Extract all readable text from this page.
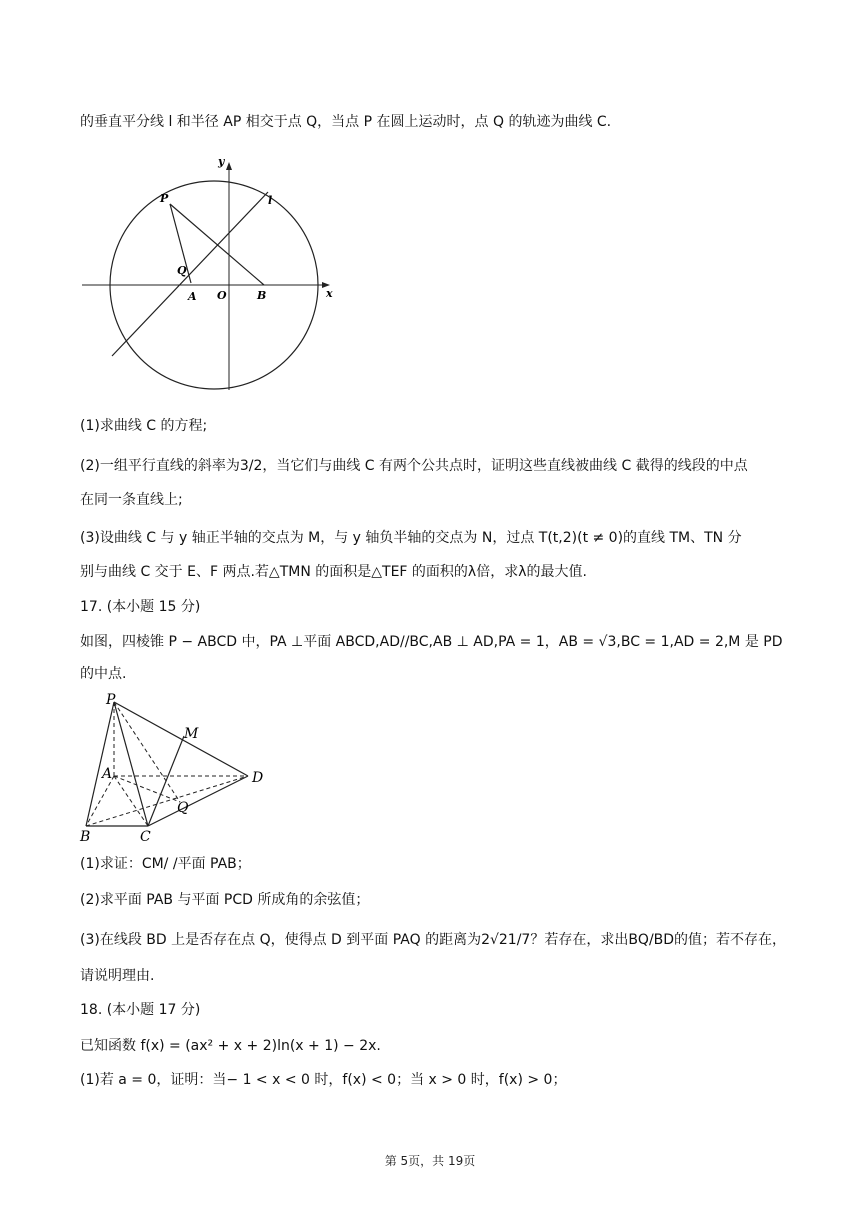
的垂直平分线 l 和半径 AP 相交于点 Q，当点 P 在圆上运动时，点 Q 的轨迹为曲线 C.
y
l
P
Q
A O	B	x
(1)求曲线 C 的方程;
(2)一组平行直线的斜率为3/2，当它们与曲线 C 有两个公共点时，证明这些直线被曲线 C 截得的线段的中点
在同一条直线上;
(3)设曲线 C 与 y 轴正半轴的交点为 M，与 y 轴负半轴的交点为 N，过点 T(t,2)(t ≠ 0)的直线 TM、TN 分
别与曲线 C 交于 E、F 两点.若△TMN 的面积是△TEF 的面积的λ倍，求λ的最大值.
17. (本小题 15 分)
如图，四棱锥 P − ABCD 中，PA ⊥平面 ABCD,AD//BC,AB ⊥ AD,PA = 1，AB = √3,BC = 1,AD = 2,M 是 PD
的中点.
P
M
A	D
Q
B	C
(1)求证：CM/ /平面 PAB；
(2)求平面 PAB 与平面 PCD 所成角的余弦值；
(3)在线段 BD 上是否存在点 Q，使得点 D 到平面 PAQ 的距离为2√21/7？若存在，求出BQ/BD的值；若不存在，
请说明理由.
18. (本小题 17 分)
已知函数 f(x) = (ax² + x + 2)ln(x + 1) − 2x.
(1)若 a = 0，证明：当− 1 < x < 0 时，f(x) < 0；当 x > 0 时，f(x) > 0；
第 5页，共 19页
